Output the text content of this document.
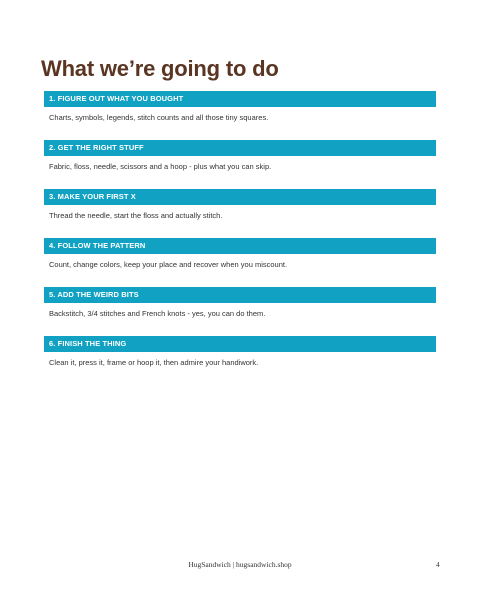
What we’re going to do
1. FIGURE OUT WHAT YOU BOUGHT
Charts, symbols, legends, stitch counts and all those tiny squares.
2. GET THE RIGHT STUFF
Fabric, floss, needle, scissors and a hoop - plus what you can skip.
3. MAKE YOUR FIRST X
Thread the needle, start the floss and actually stitch.
4. FOLLOW THE PATTERN
Count, change colors, keep your place and recover when you miscount.
5. ADD THE WEIRD BITS
Backstitch, 3/4 stitches and French knots - yes, you can do them.
6. FINISH THE THING
Clean it, press it, frame or hoop it, then admire your handiwork.
HugSandwich | hugsandwich.shop	4
